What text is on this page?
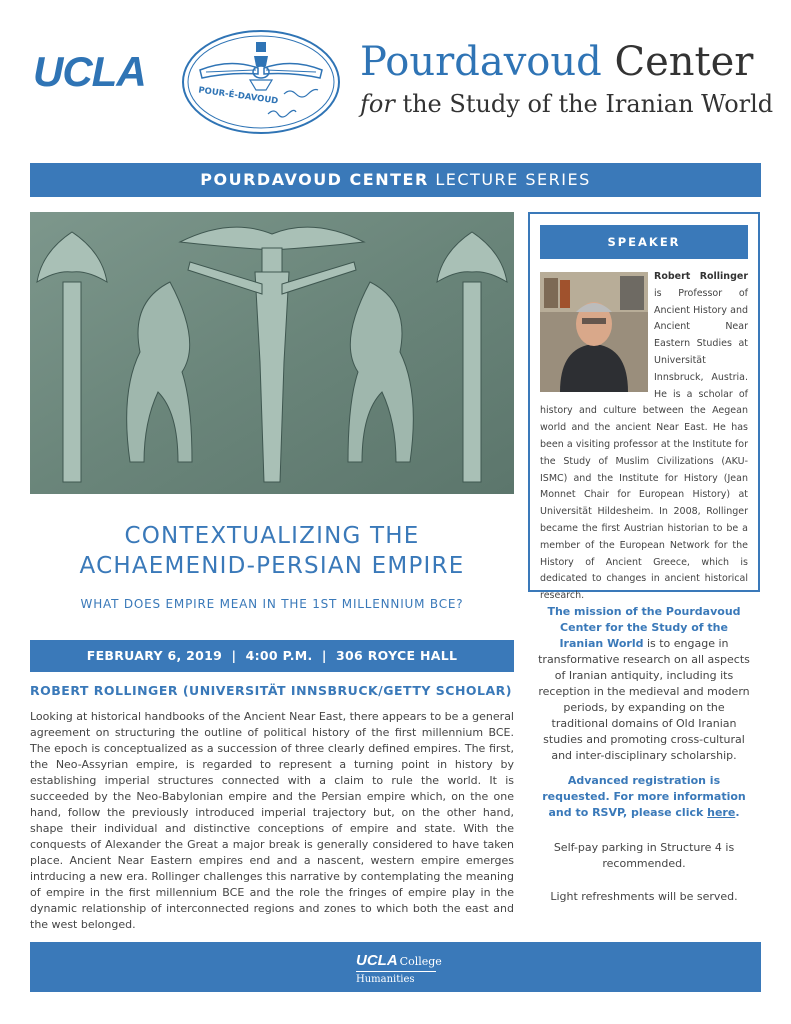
UCLA
POUR-É-DAVOUD
Pourdavoud Center
for the Study of the Iranian World
POURDAVOUD CENTER LECTURE SERIES
CONTEXTUALIZING THE
ACHAEMENID-PERSIAN EMPIRE
WHAT DOES EMPIRE MEAN IN THE 1ST MILLENNIUM BCE?
FEBRUARY 6, 2019  |  4:00 P.M.  |  306 ROYCE HALL
ROBERT ROLLINGER (UNIVERSITÄT INNSBRUCK/GETTY SCHOLAR)
Looking at historical handbooks of the Ancient Near East, there appears to be a general agreement on structuring the outline of political history of the first millennium BCE. The epoch is conceptualized as a succession of three clearly defined empires. The first, the Neo-Assyrian empire, is regarded to represent a turning point in history by establishing imperial structures connected with a claim to rule the world. It is succeeded by the Neo-Babylonian empire and the Persian empire which, on the one hand, follow the previously introduced imperial trajectory but, on the other hand, shape their individual and distinctive conceptions of empire and state. With the conquests of Alexander the Great a major break is generally considered to have taken place. Ancient Near Eastern empires end and a nascent, western empire emerges intrducing a new era. Rollinger challenges this narrative by contemplating the meaning of empire in the first millennium BCE and the role the fringes of empire play in the dynamic relationship of interconnected regions and zones to which both the east and the west belonged.
SPEAKER
Robert Rollinger is Professor of Ancient History and Ancient Near Eastern Studies at Universität Innsbruck, Austria. He is a scholar of history and culture between the Aegean world and the ancient Near East. He has been a visiting professor at the Institute for the Study of Muslim Civilizations (AKU-ISMC) and the Institute for History (Jean Monnet Chair for European History) at Universität Hildesheim. In 2008, Rollinger became the first Austrian historian to be a member of the European Network for the History of Ancient Greece, which is dedicated to changes in ancient historical research.
The mission of the Pourdavoud Center for the Study of the Iranian World is to engage in transformative research on all aspects of Iranian antiquity, including its reception in the medieval and modern periods, by expanding on the traditional domains of Old Iranian studies and promoting cross-cultural and inter-disciplinary scholarship.
Advanced registration is requested. For more information and to RSVP, please click here.
Self-pay parking in Structure 4 is recommended.
Light refreshments will be served.
UCLA College
Humanities
